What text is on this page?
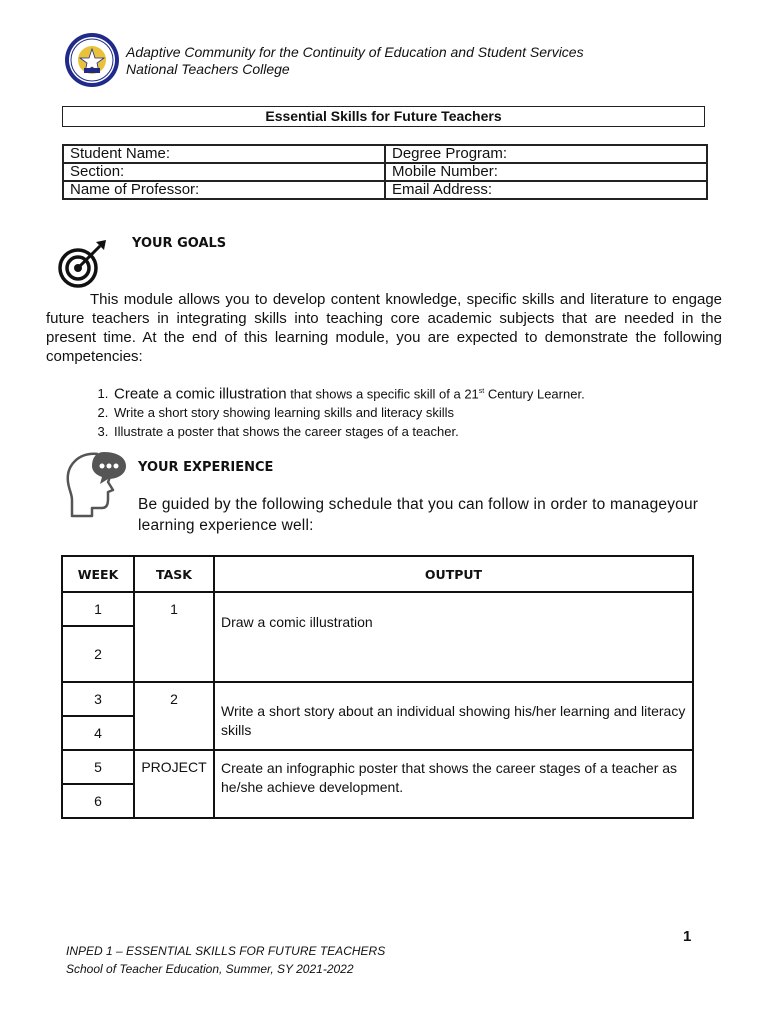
Adaptive Community for the Continuity of Education and Student Services
National Teachers College
Essential Skills for Future Teachers
Student Name:	Degree Program:
Section:	Mobile Number:
Name of Professor:	Email Address:
YOUR GOALS

This module allows you to develop content knowledge, specific skills and literature to engage future teachers in integrating skills into teaching core academic subjects that are needed in the present time. At the end of this learning module, you are expected to demonstrate the following competencies:

1. Create a comic illustration that shows a specific skill of a 21st Century Learner.
2. Write a short story showing learning skills and literacy skills
3. Illustrate a poster that shows the career stages of a teacher.
YOUR EXPERIENCE
Be guided by the following schedule that you can follow in order to manageyour learning experience well:
WEEK	TASK	OUTPUT
1	1	Draw a comic illustration
2		
3	2	Write a short story about an individual showing his/her learning and literacy skills
4		
5	PROJECT	Create an infographic poster that shows the career stages of a teacher as he/she achieve development.
6		
1
INPED 1 – ESSENTIAL SKILLS FOR FUTURE TEACHERS
School of Teacher Education, Summer, SY 2021-2022
